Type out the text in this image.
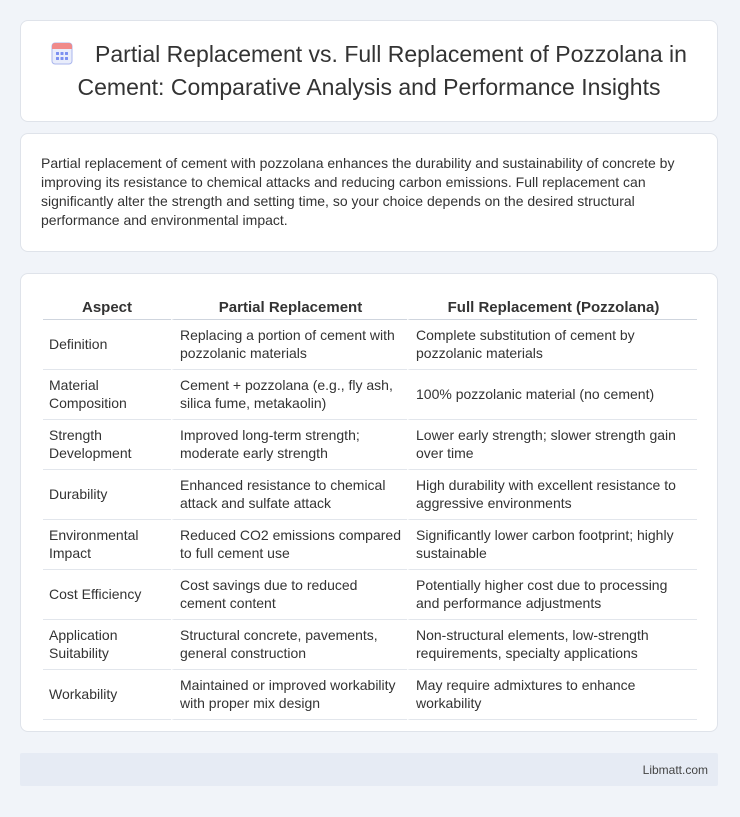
Partial Replacement vs. Full Replacement of Pozzolana in Cement: Comparative Analysis and Performance Insights

Partial replacement of cement with pozzolana enhances the durability and sustainability of concrete by improving its resistance to chemical attacks and reducing carbon emissions. Full replacement can significantly alter the strength and setting time, so your choice depends on the desired structural performance and environmental impact.

Aspect	Partial Replacement	Full Replacement (Pozzolana)
Definition	Replacing a portion of cement with pozzolanic materials	Complete substitution of cement by pozzolanic materials
Material Composition	Cement + pozzolana (e.g., fly ash, silica fume, metakaolin)	100% pozzolanic material (no cement)
Strength Development	Improved long-term strength; moderate early strength	Lower early strength; slower strength gain over time
Durability	Enhanced resistance to chemical attack and sulfate attack	High durability with excellent resistance to aggressive environments
Environmental Impact	Reduced CO2 emissions compared to full cement use	Significantly lower carbon footprint; highly sustainable
Cost Efficiency	Cost savings due to reduced cement content	Potentially higher cost due to processing and performance adjustments
Application Suitability	Structural concrete, pavements, general construction	Non-structural elements, low-strength requirements, specialty applications
Workability	Maintained or improved workability with proper mix design	May require admixtures to enhance workability
Libmatt.com
